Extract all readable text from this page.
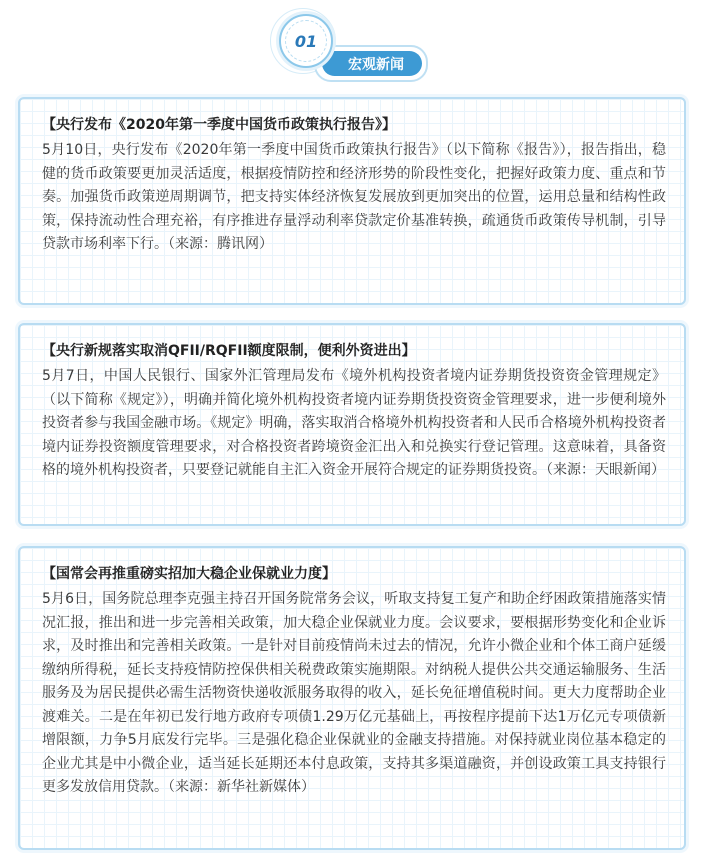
01
宏观新闻

【央行发布《2020年第一季度中国货币政策执行报告》】

5月10日，央行发布《2020年第一季度中国货币政策执行报告》（以下简称《报告》），报告指出，稳健的货币政策要更加灵活适度，根据疫情防控和经济形势的阶段性变化，把握好政策力度、重点和节奏。加强货币政策逆周期调节，把支持实体经济恢复发展放到更加突出的位置，运用总量和结构性政策，保持流动性合理充裕，有序推进存量浮动利率贷款定价基准转换，疏通货币政策传导机制，引导贷款市场利率下行。（来源：腾讯网）

【央行新规落实取消QFII/RQFII额度限制，便利外资进出】

5月7日，中国人民银行、国家外汇管理局发布《境外机构投资者境内证券期货投资资金管理规定》（以下简称《规定》），明确并简化境外机构投资者境内证券期货投资资金管理要求，进一步便利境外投资者参与我国金融市场。《规定》明确，落实取消合格境外机构投资者和人民币合格境外机构投资者境内证券投资额度管理要求，对合格投资者跨境资金汇出入和兑换实行登记管理。这意味着，具备资格的境外机构投资者，只要登记就能自主汇入资金开展符合规定的证券期货投资。（来源：天眼新闻）

【国常会再推重磅实招加大稳企业保就业力度】

5月6日，国务院总理李克强主持召开国务院常务会议，听取支持复工复产和助企纾困政策措施落实情况汇报，推出和进一步完善相关政策，加大稳企业保就业力度。会议要求，要根据形势变化和企业诉求，及时推出和完善相关政策。一是针对目前疫情尚未过去的情况，允许小微企业和个体工商户延缓缴纳所得税，延长支持疫情防控保供相关税费政策实施期限。对纳税人提供公共交通运输服务、生活服务及为居民提供必需生活物资快递收派服务取得的收入，延长免征增值税时间。更大力度帮助企业渡难关。二是在年初已发行地方政府专项债1.29万亿元基础上，再按程序提前下达1万亿元专项债新增限额，力争5月底发行完毕。三是强化稳企业保就业的金融支持措施。对保持就业岗位基本稳定的企业尤其是中小微企业，适当延长延期还本付息政策，支持其多渠道融资，并创设政策工具支持银行更多发放信用贷款。（来源：新华社新媒体）
